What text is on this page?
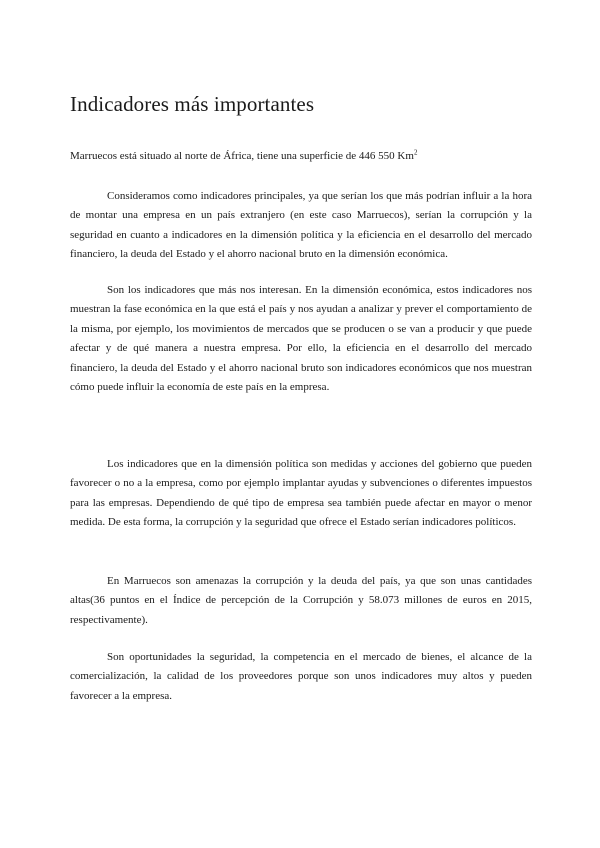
Indicadores más importantes

Marruecos está situado al norte de África, tiene una superficie de 446 550 Km$^2$

Consideramos como indicadores principales, ya que serían los que más podrían influir a la hora de montar una empresa en un país extranjero (en este caso Marruecos), serían la corrupción y la seguridad en cuanto a indicadores en la dimensión política y la eficiencia en el desarrollo del mercado financiero, la deuda del Estado y el ahorro nacional bruto en la dimensión económica.

Son los indicadores que más nos interesan. En la dimensión económica, estos indicadores nos muestran la fase económica en la que está el país y nos ayudan a analizar y prever el comportamiento de la misma, por ejemplo, los movimientos de mercados que se producen o se van a producir y que puede afectar y de qué manera a nuestra empresa. Por ello, la eficiencia en el desarrollo del mercado financiero, la deuda del Estado y el ahorro nacional bruto son indicadores económicos que nos muestran cómo puede influir la economía de este país en la empresa.

Los indicadores que en la dimensión política son medidas y acciones del gobierno que pueden favorecer o no a la empresa, como por ejemplo implantar ayudas y subvenciones o diferentes impuestos para las empresas. Dependiendo de qué tipo de empresa sea también puede afectar en mayor o menor medida. De esta forma, la corrupción y la seguridad que ofrece el Estado serían indicadores políticos.

En Marruecos son amenazas la corrupción y la deuda del país, ya que son unas cantidades altas(36 puntos en el Índice de percepción de la Corrupción y 58.073 millones de euros en 2015, respectivamente).

Son oportunidades la seguridad, la competencia en el mercado de bienes, el alcance de la comercialización, la calidad de los proveedores porque son unos indicadores muy altos y pueden favorecer a la empresa.
